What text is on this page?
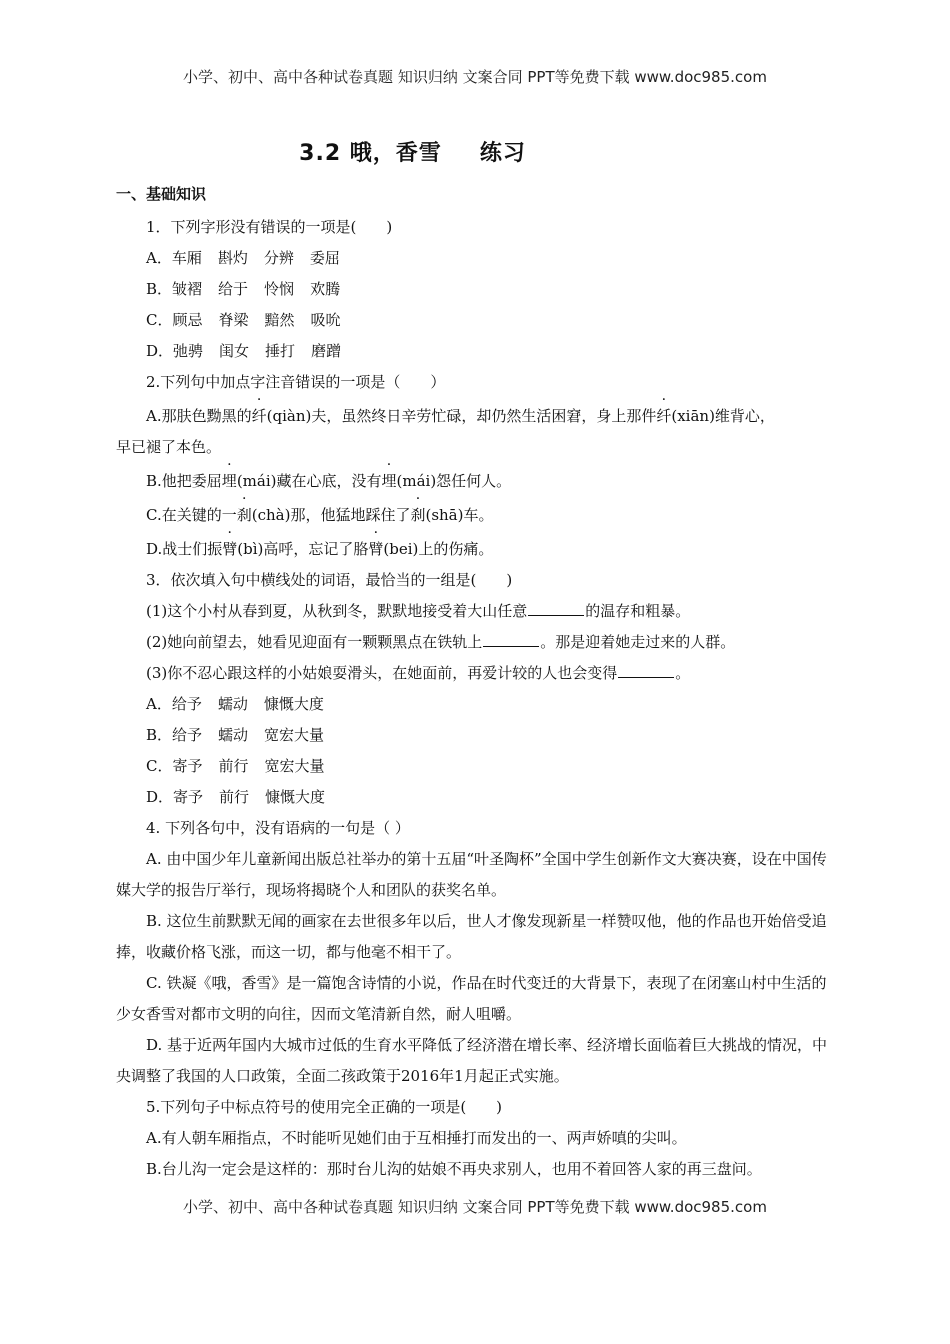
小学、初中、高中各种试卷真题 知识归纳 文案合同 PPT等免费下载 www.doc985.com
3.2 哦，香雪 练习
一、基础知识
1．下列字形没有错误的一项是(　　)
A．车厢 斟灼 分辨 委屈
B．皱褶 给于 怜悯 欢腾
C．顾忌 脊梁 黯然 吸吮
D．弛骋 闺女 捶打 磨蹭
2.下列句中加点字注音错误的一项是（　　）
A.那肤色黝黑的纤(qiàn)夫，虽然终日辛劳忙碌，却仍然生活困窘，身上那件纤(xiān)维背心，
早已褪了本色。
B.他把委屈埋(mái)藏在心底，没有埋(mái)怨任何人。
C.在关键的一刹(chà)那，他猛地踩住了刹(shā)车。
D.战士们振臂(bì)高呼，忘记了胳臂(bei)上的伤痛。
3．依次填入句中横线处的词语，最恰当的一组是(　　)
(1)这个小村从春到夏，从秋到冬，默默地接受着大山任意	的温存和粗暴。
(2)她向前望去，她看见迎面有一颗颗黑点在铁轨上	。那是迎着她走过来的人群。
(3)你不忍心跟这样的小姑娘耍滑头，在她面前，再爱计较的人也会变得	。
A．给予 蠕动 慷慨大度
B．给予 蠕动 宽宏大量
C．寄予 前行 宽宏大量
D．寄予 前行 慷慨大度
4. 下列各句中，没有语病的一句是（ ）
A. 由中国少年儿童新闻出版总社举办的第十五届“叶圣陶杯”全国中学生创新作文大赛决赛，设在中国传媒大学的报告厅举行，现场将揭晓个人和团队的获奖名单。
B. 这位生前默默无闻的画家在去世很多年以后，世人才像发现新星一样赞叹他，他的作品也开始倍受追捧，收藏价格飞涨，而这一切，都与他毫不相干了。
C. 铁凝《哦，香雪》是一篇饱含诗情的小说，作品在时代变迁的大背景下，表现了在闭塞山村中生活的少女香雪对都市文明的向往，因而文笔清新自然，耐人咀嚼。
D. 基于近两年国内大城市过低的生育水平降低了经济潜在增长率、经济增长面临着巨大挑战的情况，中央调整了我国的人口政策，全面二孩政策于2016年1月起正式实施。
5.下列句子中标点符号的使用完全正确的一项是(　　)
A.有人朝车厢指点，不时能听见她们由于互相捶打而发出的一、两声娇嗔的尖叫。
B.台儿沟一定会是这样的：那时台儿沟的姑娘不再央求别人，也用不着回答人家的再三盘问。
小学、初中、高中各种试卷真题 知识归纳 文案合同 PPT等免费下载 www.doc985.com
